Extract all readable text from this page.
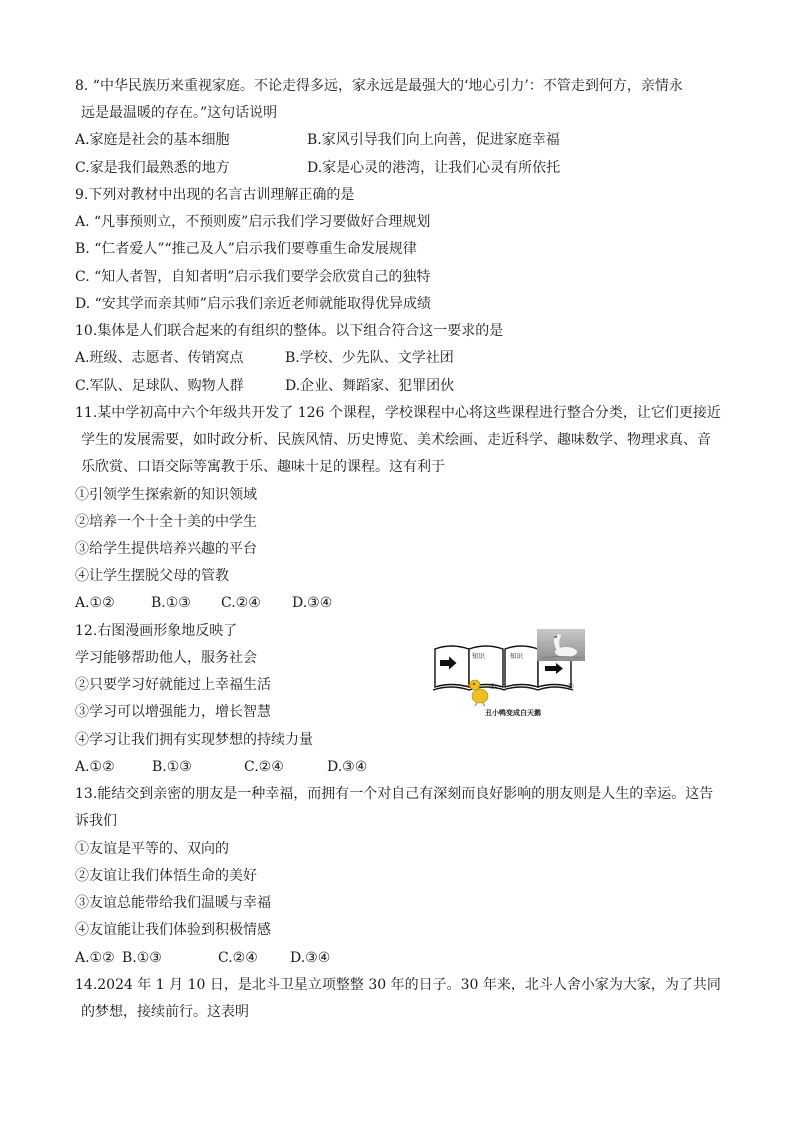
8. “中华民族历来重视家庭。不论走得多远，家永远是最强大的‘地心引力’：不管走到何方，亲情永
远是最温暖的存在。”这句话说明
A.家庭是社会的基本细胞	B.家风引导我们向上向善，促进家庭幸福
C.家是我们最熟悉的地方	D.家是心灵的港湾，让我们心灵有所依托
9.下列对教材中出现的名言古训理解正确的是
A. “凡事预则立，不预则废”启示我们学习要做好合理规划
B. “仁者爱人”“推己及人”启示我们要尊重生命发展规律
C. “知人者智，自知者明”启示我们要学会欣赏自己的独特
D. “安其学而亲其师”启示我们亲近老师就能取得优异成绩
10.集体是人们联合起来的有组织的整体。以下组合符合这一要求的是
A.班级、志愿者、传销窝点	B.学校、少先队、文学社团
C.军队、足球队、购物人群	D.企业、舞蹈家、犯罪团伙
11.某中学初高中六个年级共开发了 126 个课程，学校课程中心将这些课程进行整合分类，让它们更接近
学生的发展需要，如时政分析、民族风情、历史博览、美术绘画、走近科学、趣味数学、物理求真、音
乐欣赏、口语交际等寓教于乐、趣味十足的课程。这有利于
①引领学生探索新的知识领域
②培养一个十全十美的中学生
③给学生提供培养兴趣的平台
④让学生摆脱父母的管教
A.①②	B.①③ C.②④ D.③④
12.右图漫画形象地反映了
学习能够帮助他人，服务社会
②只要学习好就能过上幸福生活
③学习可以增强能力，增长智慧
④学习让我们拥有实现梦想的持续力量
A.①②	B.①③	C.②④	D.③④
13.能结交到亲密的朋友是一种幸福，而拥有一个对自己有深刻而良好影响的朋友则是人生的幸运。这告
诉我们
①友谊是平等的、双向的
②友谊让我们体悟生命的美好
③友谊总能带给我们温暖与幸福
④友谊能让我们体验到积极情感
A.①② B.①③	C.②④ D.③④
14.2024 年 1 月 10 日，是北斗卫星立项整整 30 年的日子。30 年来，北斗人舍小家为大家，为了共同
的梦想，接续前行。这表明
知识
①
知识
②
丑小鸭变成白天鹅
